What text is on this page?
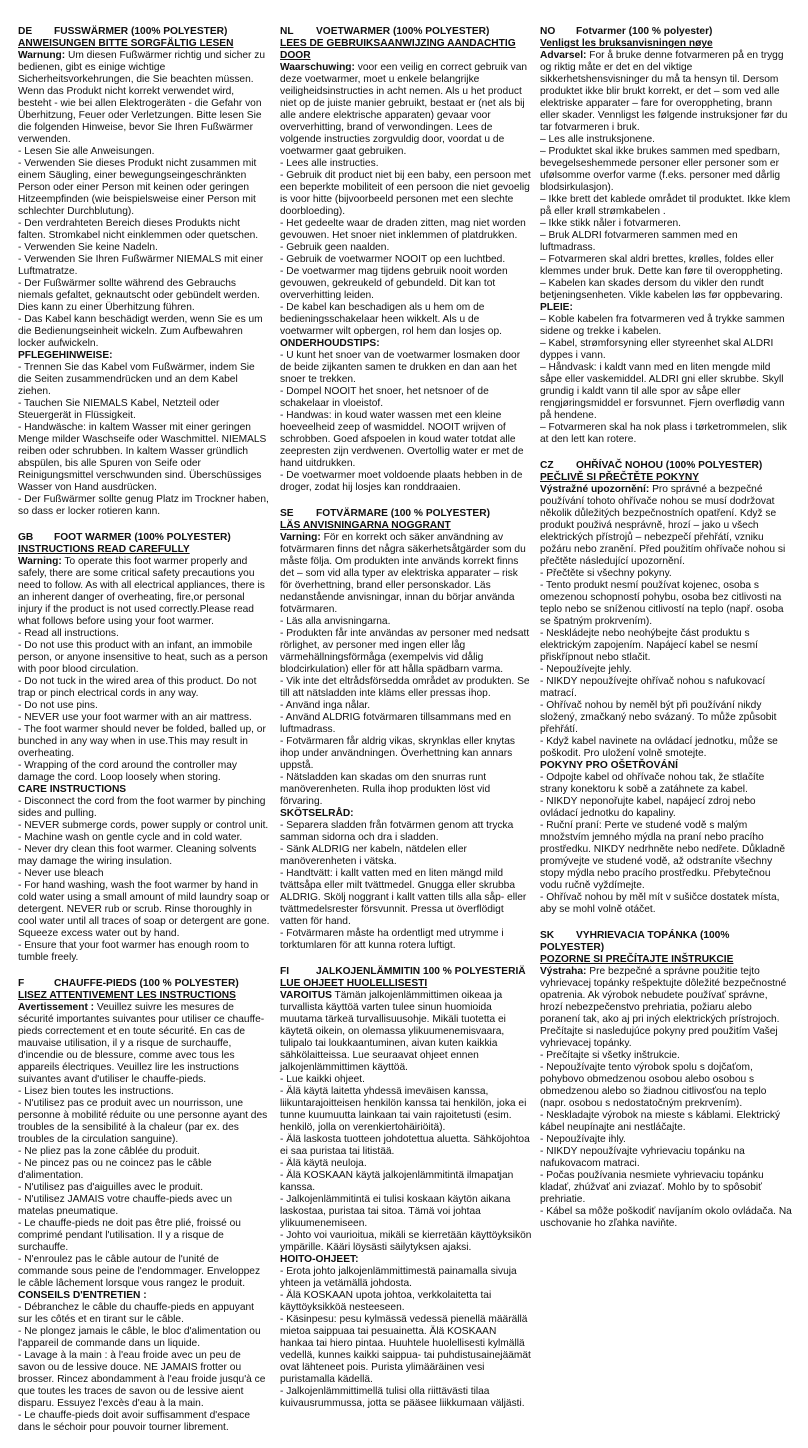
DE FUSSWÄRMER (100% POLYESTER)
ANWEISUNGEN BITTE SORGFÄLTIG LESEN

Warnung: Um diesen Fußwärmer richtig und sicher zu bedienen, gibt es einige wichtige Sicherheitsvorkehrungen, die Sie beachten müssen. Wenn das Produkt nicht korrekt verwendet wird, besteht - wie bei allen Elektrogeräten - die Gefahr von Überhitzung, Feuer oder Verletzungen. Bitte lesen Sie die folgenden Hinweise, bevor Sie Ihren Fußwärmer verwenden.

- Lesen Sie alle Anweisungen.

- Verwenden Sie dieses Produkt nicht zusammen mit einem Säugling, einer bewegungseingeschränkten Person oder einer Person mit keinen oder geringen Hitzeempfinden (wie beispielsweise einer Person mit schlechter Durchblutung).

- Den verdrahteten Bereich dieses Produkts nicht falten. Stromkabel nicht einklemmen oder quetschen.

- Verwenden Sie keine Nadeln.

- Verwenden Sie Ihren Fußwärmer NIEMALS mit einer Luftmatratze.

- Der Fußwärmer sollte während des Gebrauchs niemals gefaltet, geknautscht oder gebündelt werden. Dies kann zu einer Überhitzung führen.

- Das Kabel kann beschädigt werden, wenn Sie es um die Bedienungseinheit wickeln. Zum Aufbewahren locker aufwickeln.

PFLEGEHINWEISE:

- Trennen Sie das Kabel vom Fußwärmer, indem Sie die Seiten zusammendrücken und an dem Kabel ziehen.

- Tauchen Sie NIEMALS Kabel, Netzteil oder Steuergerät in Flüssigkeit.

- Handwäsche: in kaltem Wasser mit einer geringen Menge milder Waschseife oder Waschmittel. NIEMALS reiben oder schrubben. In kaltem Wasser gründlich abspülen, bis alle Spuren von Seife oder Reinigungsmittel verschwunden sind. Überschüssiges Wasser von Hand ausdrücken.

- Der Fußwärmer sollte genug Platz im Trockner haben, so dass er locker rotieren kann.

GB FOOT WARMER (100% POLYESTER)
INSTRUCTIONS READ CAREFULLY

Warning: To operate this foot warmer properly and safely, there are some critical safety precautions you need to follow. As with all electrical appliances, there is an inherent danger of overheating, fire,or personal injury if the product is not used correctly.Please read what follows before using your foot warmer.

- Read all instructions.

- Do not use this product with an infant, an immobile person, or anyone insensitive to heat, such as a person with poor blood circulation.

- Do not tuck in the wired area of this product. Do not trap or pinch electrical cords in any way.

- Do not use pins.

- NEVER use your foot warmer with an air mattress.

- The foot warmer should never be folded, balled up, or bunched in any way when in use.This may result in overheating.

- Wrapping of the cord around the controller may damage the cord. Loop loosely when storing.

CARE INSTRUCTIONS

- Disconnect the cord from the foot warmer by pinching sides and pulling.

- NEVER submerge cords, power supply or control unit.

- Machine wash on gentle cycle and in cold water.

- Never dry clean this foot warmer. Cleaning solvents may damage the wiring insulation.

- Never use bleach

- For hand washing, wash the foot warmer by hand in cold water using a small amount of mild laundry soap or detergent. NEVER rub or scrub. Rinse thoroughly in cool water until all traces of soap or detergent are gone. Squeeze excess water out by hand.

- Ensure that your foot warmer has enough room to tumble freely.

F	CHAUFFE-PIEDS (100 % POLYESTER)
LISEZ ATTENTIVEMENT LES INSTRUCTIONS

Avertissement : Veuillez suivre les mesures de sécurité importantes suivantes pour utiliser ce chauffe-pieds correctement et en toute sécurité. En cas de mauvaise utilisation, il y a risque de surchauffe, d'incendie ou de blessure, comme avec tous les appareils électriques. Veuillez lire les instructions suivantes avant d'utiliser le chauffe-pieds.

- Lisez bien toutes les instructions.

- N'utilisez pas ce produit avec un nourrisson, une personne à mobilité réduite ou une personne ayant des troubles de la sensibilité à la chaleur (par ex. des troubles de la circulation sanguine).

- Ne pliez pas la zone câblée du produit.

- Ne pincez pas ou ne coincez pas le câble d'alimentation.

- N'utilisez pas d'aiguilles avec le produit.

- N'utilisez JAMAIS votre chauffe-pieds avec un matelas pneumatique.

- Le chauffe-pieds ne doit pas être plié, froissé ou comprimé pendant l'utilisation. Il y a risque de surchauffe.

- N'enroulez pas le câble autour de l'unité de commande sous peine de l'endommager. Enveloppez le câble lâchement lorsque vous rangez le produit.

CONSEILS D'ENTRETIEN :

- Débranchez le câble du chauffe-pieds en appuyant sur les côtés et en tirant sur le câble.

- Ne plongez jamais le câble, le bloc d'alimentation ou l'appareil de commande dans un liquide.

- Lavage à la main : à l'eau froide avec un peu de savon ou de lessive douce. NE JAMAIS frotter ou brosser. Rincez abondamment à l'eau froide jusqu'à ce que toutes les traces de savon ou de lessive aient disparu. Essuyez l'excès d'eau à la main.

- Le chauffe-pieds doit avoir suffisamment d'espace dans le séchoir pour pouvoir tourner librement.

NL VOETWARMER (100% POLYESTER)
LEES DE GEBRUIKSAANWIJZING AANDACHTIG DOOR

Waarschuwing: voor een veilig en correct gebruik van deze voetwarmer, moet u enkele belangrijke veiligheidsinstructies in acht nemen. Als u het product niet op de juiste manier gebruikt, bestaat er (net als bij alle andere elektrische apparaten) gevaar voor oververhitting, brand of verwondingen. Lees de volgende instructies zorgvuldig door, voordat u de voetwarmer gaat gebruiken.

- Lees alle instructies.

- Gebruik dit product niet bij een baby, een persoon met een beperkte mobiliteit of een persoon die niet gevoelig is voor hitte (bijvoorbeeld personen met een slechte doorbloeding).

- Het gedeelte waar de draden zitten, mag niet worden gevouwen. Het snoer niet inklemmen of platdrukken.

- Gebruik geen naalden.

- Gebruik de voetwarmer NOOIT op een luchtbed.

- De voetwarmer mag tijdens gebruik nooit worden gevouwen, gekreukeld of gebundeld. Dit kan tot oververhitting leiden.

- De kabel kan beschadigen als u hem om de bedieningsschakelaar heen wikkelt. Als u de voetwarmer wilt opbergen, rol hem dan losjes op.

ONDERHOUDSTIPS:

- U kunt het snoer van de voetwarmer losmaken door de beide zijkanten samen te drukken en dan aan het snoer te trekken.

- Dompel NOOIT het snoer, het netsnoer of de schakelaar in vloeistof.

- Handwas: in koud water wassen met een kleine hoeveelheid zeep of wasmiddel. NOOIT wrijven of schrobben. Goed afspoelen in koud water totdat alle zeepresten zijn verdwenen. Overtollig water er met de hand uitdrukken.

- De voetwarmer moet voldoende plaats hebben in de droger, zodat hij losjes kan ronddraaien.

SE FOTVÄRMARE (100 % POLYESTER)
LÄS ANVISNINGARNA NOGGRANT

Varning: För en korrekt och säker användning av fotvärmaren finns det några säkerhetsåtgärder som du måste följa. Om produkten inte används korrekt finns det – som vid alla typer av elektriska apparater – risk för överhettning, brand eller personskador. Läs nedanstående anvisningar, innan du börjar använda fotvärmaren.

- Läs alla anvisningarna.

- Produkten får inte användas av personer med nedsatt rörlighet, av personer med ingen eller låg värmehällningsförmåga (exempelvis vid dålig blodcirkulation) eller för att hålla spädbarn varma.

- Vik inte det eltrådsförsedda området av produkten. Se till att nätsladden inte kläms eller pressas ihop.

- Använd inga nålar.

- Använd ALDRIG fotvärmaren tillsammans med en luftmadrass.

- Fotvärmaren får aldrig vikas, skrynklas eller knytas ihop under användningen. Överhettning kan annars uppstå.

- Nätsladden kan skadas om den snurras runt manöverenheten. Rulla ihop produkten löst vid förvaring.

SKÖTSELRÅD:

- Separera sladden från fotvärmen genom att trycka samman sidorna och dra i sladden.

- Sänk ALDRIG ner kabeln, nätdelen eller manöverenheten i vätska.

- Handtvätt: i kallt vatten med en liten mängd mild tvättsåpa eller milt tvättmedel. Gnugga eller skrubba ALDRIG. Skölj noggrant i kallt vatten tills alla såp- eller tvättmedelsrester försvunnit. Pressa ut överflödigt vatten för hand.

- Fotvärmaren måste ha ordentligt med utrymme i torktumlaren för att kunna rotera luftigt.

FI	JALKOJENLÄMMITIN 100 % POLYESTERIÄ
LUE OHJEET HUOLELLISESTI

VAROITUS Tämän jalkojenlämmittimen oikeaa ja turvallista käyttöä varten tulee sinun huomioida muutama tärkeä turvallisuusohje. Mikäli tuotetta ei käytetä oikein, on olemassa ylikuumenemisvaara, tulipalo tai loukkaantuminen, aivan kuten kaikkia sähkölaitteissa. Lue seuraavat ohjeet ennen jalkojenlämmittimen käyttöä.

- Lue kaikki ohjeet.

- Älä käytä laitetta yhdessä imeväisen kanssa, liikuntarajoitteisen henkilön kanssa tai henkilön, joka ei tunne kuumuutta lainkaan tai vain rajoitetusti (esim. henkilö, jolla on verenkiertohäiriöitä).

- Älä laskosta tuotteen johdotettua aluetta. Sähköjohtoa ei saa puristaa tai litistää.

- Älä käytä neuloja.

- Älä KOSKAAN käytä jalkojenlämmitintä ilmapatjan kanssa.

- Jalkojenlämmitintä ei tulisi koskaan käytön aikana laskostaa, puristaa tai sitoa. Tämä voi johtaa ylikuumenemiseen.

- Johto voi vaurioitua, mikäli se kierretään käyttöyksikön ympärille. Kääri löysästi säilytyksen ajaksi.

HOITO-OHJEET:

- Erota johto jalkojenlämmittimestä painamalla sivuja yhteen ja vetämällä johdosta.

- Älä KOSKAAN upota johtoa, verkkolaitetta tai käyttöyksikköä nesteeseen.

- Käsinpesu: pesu kylmässä vedessä pienellä määrällä mietoa saippuaa tai pesuainetta. Älä KOSKAAN hankaa tai hiero pintaa. Huuhtele huolellisesti kylmällä vedellä, kunnes kaikki saippua- tai puhdistusainejäämät ovat lähteneet pois. Purista ylimääräinen vesi puristamalla kädellä.

- Jalkojenlämmittimellä tulisi olla riittävästi tilaa kuivausrummussa, jotta se pääsee liikkumaan väljästi.

NO Fotvarmer (100 % polyester)
Venligst les bruksanvisningen nøye

Advarsel: For å bruke denne fotvarmeren på en trygg og riktig måte er det en del viktige sikkerhetshensvisninger du må ta hensyn til. Dersom produktet ikke blir brukt korrekt, er det – som ved alle elektriske apparater – fare for overoppheting, brann eller skader. Vennligst les følgende instruksjoner før du tar fotvarmeren i bruk.

– Les alle instruksjonene.

– Produktet skal ikke brukes sammen med spedbarn, bevegelseshemmede personer eller personer som er ufølsomme overfor varme (f.eks. personer med dårlig blodsirkulasjon).

– Ikke brett det kablede området til produktet. Ikke klem på eller krøll strømkabelen .

– Ikke stikk nåler i fotvarmeren.

– Bruk ALDRI fotvarmeren sammen med en luftmadrass.

– Fotvarmeren skal aldri brettes, krølles, foldes eller klemmes under bruk. Dette kan føre til overoppheting.

– Kabelen kan skades dersom du vikler den rundt betjeningsenheten. Vikle kabelen løs før oppbevaring.

PLEIE:

– Koble kabelen fra fotvarmeren ved å trykke sammen sidene og trekke i kabelen.

– Kabel, strømforsyning eller styreenhet skal ALDRI dyppes i vann.

– Håndvask: i kaldt vann med en liten mengde mild såpe eller vaskemiddel. ALDRI gni eller skrubbe. Skyll grundig i kaldt vann til alle spor av såpe eller rengjøringsmiddel er forsvunnet. Fjern overflødig vann på hendene.

– Fotvarmeren skal ha nok plass i tørketrommelen, slik at den lett kan rotere.

CZ OHŘÍVAČ NOHOU (100% POLYESTER)
PEČLIVĚ SI PŘEČTĚTE POKYNY

Výstražné upozornění: Pro správné a bezpečné používání tohoto ohřívače nohou se musí dodržovat několik důležitých bezpečnostních opatření. Když se produkt použivá nesprávně, hrozí – jako u všech elektrických přístrojů – nebezpečí přehřátí, vzniku požáru nebo zranění. Před použitím ohřívače nohou si přečtěte následující upozornění.

- Přečtěte si všechny pokyny.

- Tento produkt nesmí používat kojenec, osoba s omezenou schopností pohybu, osoba bez citlivosti na teplo nebo se sníženou citlivostí na teplo (např. osoba se špatným prokrvením).

- Neskládejte nebo neohýbejte část produktu s elektrickým zapojením. Napájecí kabel se nesmí přiskřípnout nebo stlačit.

- Nepoužívejte jehly.

- NIKDY nepoužívejte ohřívač nohou s nafukovací matrací.

- Ohřívač nohou by neměl být při používání nikdy složený, zmačkaný nebo svázaný. To může způsobit přehřátí.

- Když kabel navinete na ovládací jednotku, může se poškodit. Pro uložení volně smotejte.

POKYNY PRO OŠETŘOVÁNÍ

- Odpojte kabel od ohřívače nohou tak, že stlačíte strany konektoru k sobě a zatáhnete za kabel.

- NIKDY neponořujte kabel, napájecí zdroj nebo ovládací jednotku do kapaliny.

- Ruční praní: Perte ve studené vodě s malým množstvím jemného mýdla na praní nebo pracího prostředku. NIKDY nedrhněte nebo nedřete. Důkladně promývejte ve studené vodě, až odstraníte všechny stopy mýdla nebo pracího prostředku. Přebytečnou vodu ručně vyždímejte.

- Ohřívač nohou by měl mít v sušičce dostatek místa, aby se mohl volně otáčet.

SK VYHRIEVACIA TOPÁNKA (100% POLYESTER)
POZORNE SI PREČÍTAJTE INŠTRUKCIE

Výstraha: Pre bezpečné a správne použitie tejto vyhrievacej topánky rešpektujte dôležité bezpečnostné opatrenia. Ak výrobok nebudete používať správne, hrozí nebezpečenstvo prehriatia, požiaru alebo poranení tak, ako aj pri iných elektrických prístrojoch. Prečítajte si nasledujúce pokyny pred použitím Vašej vyhrievacej topánky.

- Prečítajte si všetky inštrukcie.

- Nepoužívajte tento výrobok spolu s dojčaťom, pohybovo obmedzenou osobou alebo osobou s obmedzenou alebo so žiadnou citlivosťou na teplo (napr. osobou s nedostatočným prekrvením).

- Neskladajte výrobok na mieste s káblami. Elektrický kábel neupínajte ani nestláčajte.

- Nepoužívajte ihly.

- NIKDY nepoužívajte vyhrievaciu topánku na nafukovacom matraci.

- Počas používania nesmiete vyhrievaciu topánku kladať, zhúžvať ani zviazať. Mohlo by to spôsobiť prehriatie.

- Kábel sa môže poškodiť navíjaním okolo ovládača. Na uschovanie ho zľahka naviňte.
